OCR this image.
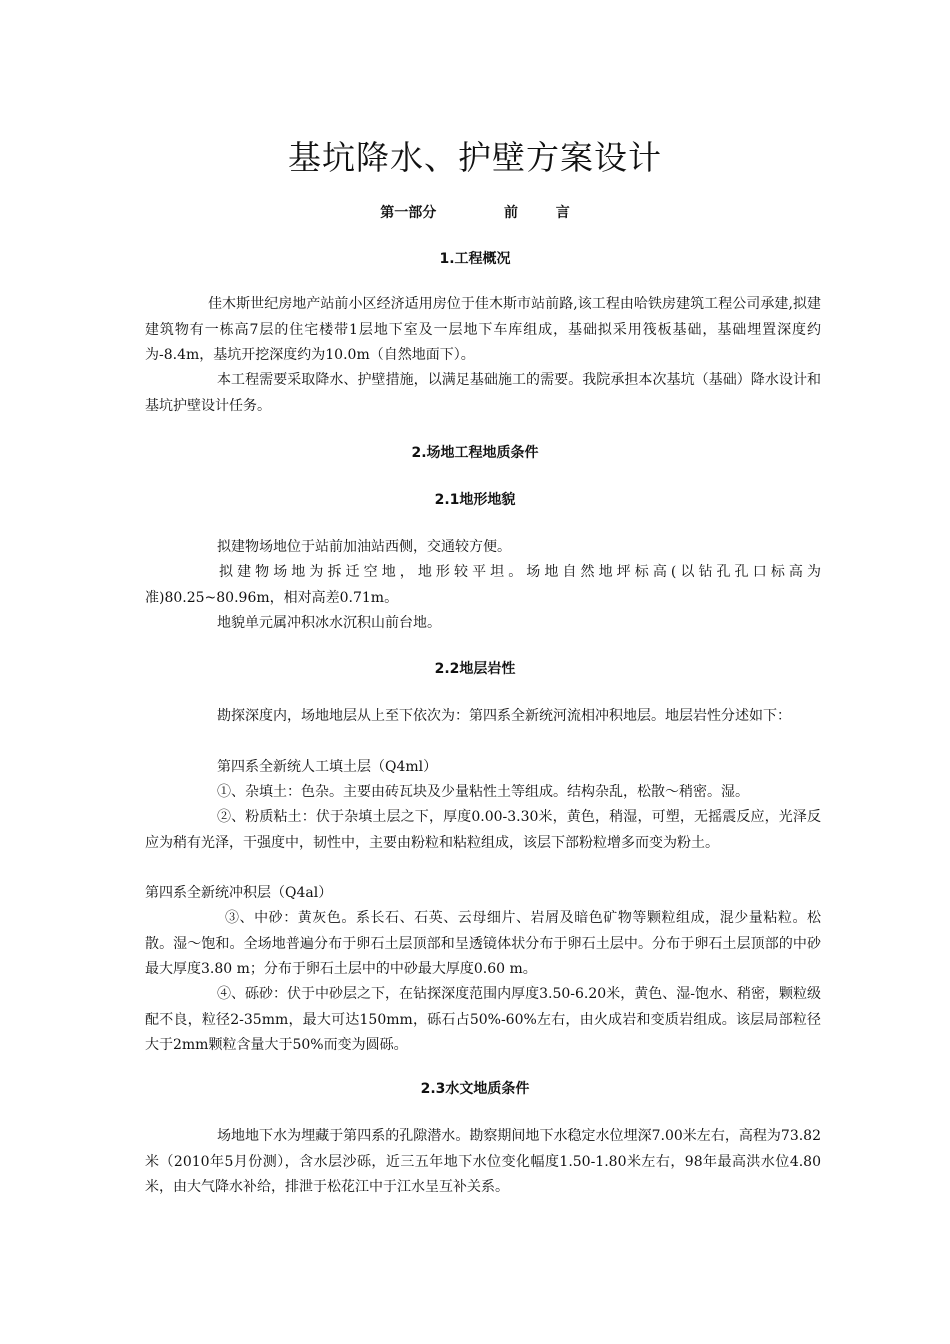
基坑降水、护壁方案设计
第一部分	前	言
1.工程概况

佳木斯世纪房地产站前小区经济适用房位于佳木斯市站前路,该工程由哈铁房建筑工程公司承建,拟建建筑物有一栋高7层的住宅楼带1层地下室及一层地下车库组成，基础拟采用筏板基础，基础埋置深度约为-8.4m，基坑开挖深度约为10.0m（自然地面下）。

本工程需要采取降水、护壁措施，以满足基础施工的需要。我院承担本次基坑（基础）降水设计和基坑护壁设计任务。

2.场地工程地质条件
2.1地形地貌

拟建物场地位于站前加油站西侧，交通较方便。

拟建物场地为拆迁空地，地形较平坦。场地自然地坪标高(以钻孔孔口标高为准)80.25~80.96m，相对高差0.71m。

地貌单元属冲积冰水沉积山前台地。

2.2地层岩性

勘探深度内，场地地层从上至下依次为：第四系全新统河流相冲积地层。地层岩性分述如下：

第四系全新统人工填土层（Q4ml）

①、杂填土：色杂。主要由砖瓦块及少量粘性土等组成。结构杂乱，松散～稍密。湿。

②、粉质粘土：伏于杂填土层之下，厚度0.00-3.30米，黄色，稍湿，可塑，无摇震反应，光泽反应为稍有光泽，干强度中，韧性中，主要由粉粒和粘粒组成，该层下部粉粒增多而变为粉土。

第四系全新统冲积层（Q4al）

③、中砂：黄灰色。系长石、石英、云母细片、岩屑及暗色矿物等颗粒组成，混少量粘粒。松散。湿～饱和。全场地普遍分布于卵石土层顶部和呈透镜体状分布于卵石土层中。分布于卵石土层顶部的中砂最大厚度3.80 m；分布于卵石土层中的中砂最大厚度0.60 m。

④、砾砂：伏于中砂层之下，在钻探深度范围内厚度3.50-6.20米，黄色、湿-饱水、稍密，颗粒级配不良，粒径2-35mm，最大可达150mm，砾石占50%-60%左右，由火成岩和变质岩组成。该层局部粒径大于2mm颗粒含量大于50%而变为圆砾。

2.3水文地质条件

场地地下水为埋藏于第四系的孔隙潜水。勘察期间地下水稳定水位埋深7.00米左右，高程为73.82米（2010年5月份测），含水层沙砾，近三五年地下水位变化幅度1.50-1.80米左右，98年最高洪水位4.80米，由大气降水补给，排泄于松花江中于江水呈互补关系。
